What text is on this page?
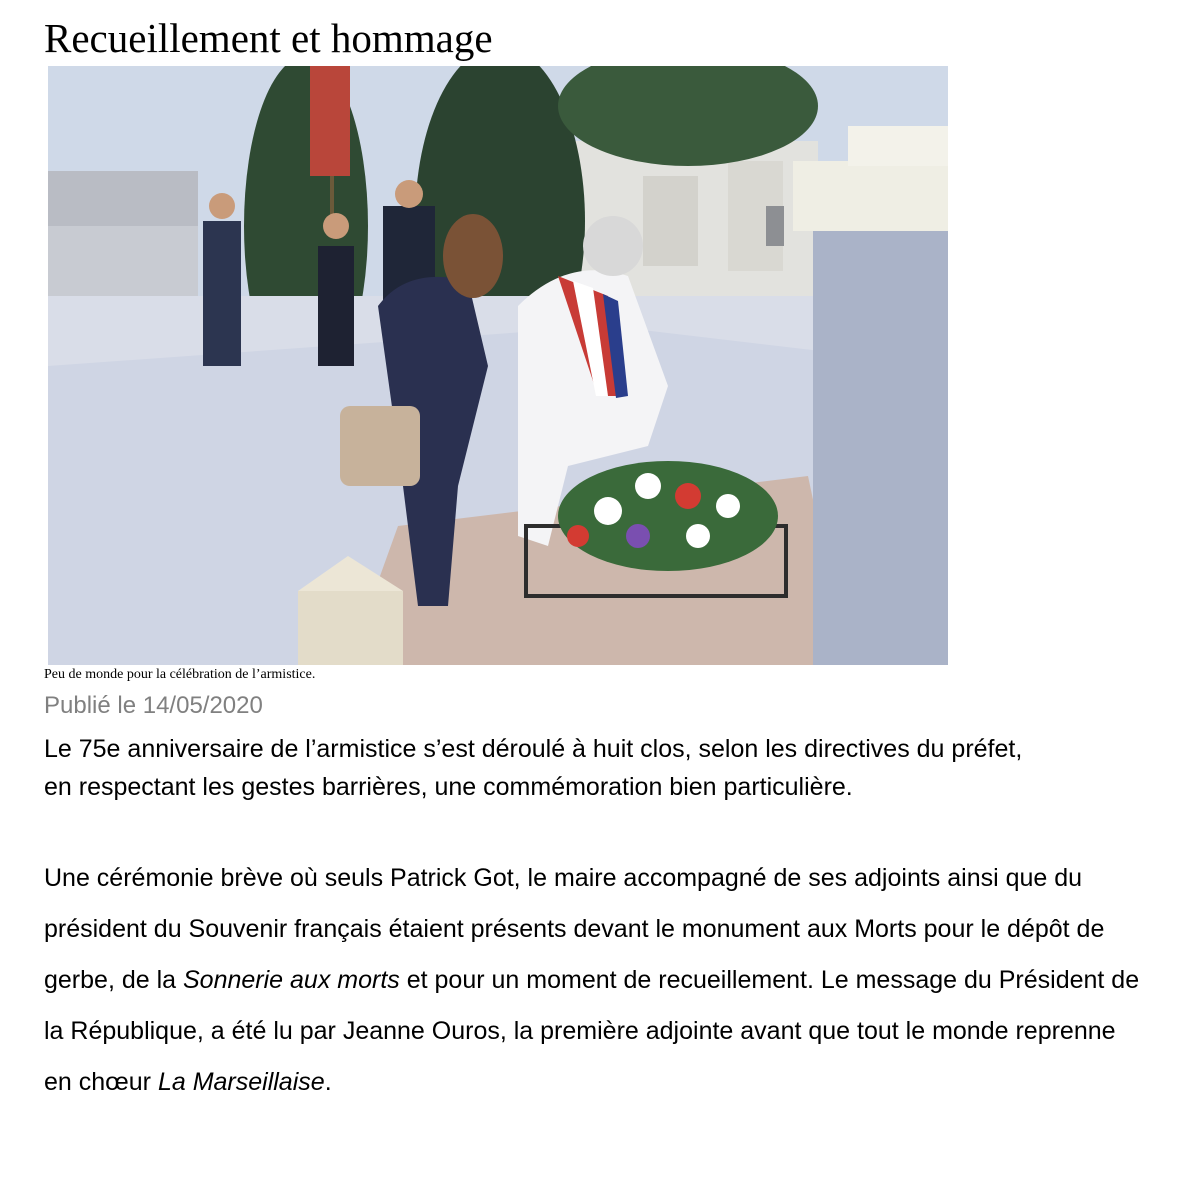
Recueillement et hommage
Peu de monde pour la célébration de l’armistice.
Publié le 14/05/2020

Le 75e anniversaire de l’armistice s’est déroulé à huit clos, selon les directives du préfet, en respectant les gestes barrières, une commémoration bien particulière.

Une cérémonie brève où seuls Patrick Got, le maire accompagné de ses adjoints ainsi que du président du Souvenir français étaient présents devant le monument aux Morts pour le dépôt de gerbe, de la Sonnerie aux morts et pour un moment de recueillement. Le message du Président de la République, a été lu par Jeanne Ouros, la première adjointe avant que tout le monde reprenne en chœur La Marseillaise.
